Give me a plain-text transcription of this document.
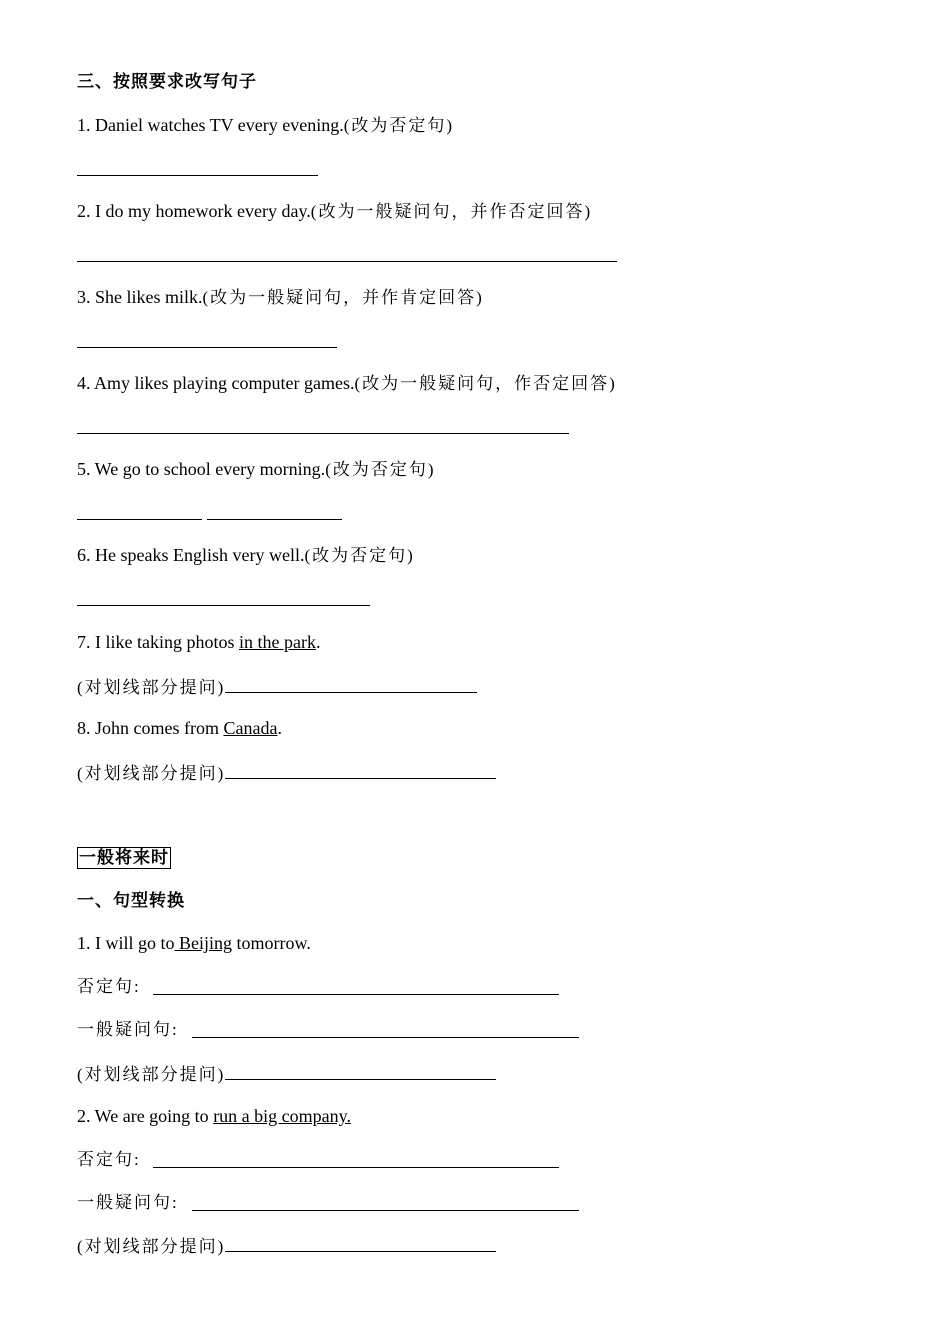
三、按照要求改写句子
1. Daniel watches TV every evening.(改为否定句)
2. I do my homework every day.(改为一般疑问句，并作否定回答)
3. She likes milk.(改为一般疑问句，并作肯定回答)
4. Amy likes playing computer games.(改为一般疑问句，作否定回答)
5. We go to school every morning.(改为否定句)
6. He speaks English very well.(改为否定句)
7. I like taking photos in the park.
(对划线部分提问)
8. John comes from Canada.
(对划线部分提问)
一般将来时
一、句型转换
1. I will go to Beijing tomorrow.
否定句:
一般疑问句:
(对划线部分提问)
2. We are going to run a big company.
否定句:
一般疑问句:
(对划线部分提问)
